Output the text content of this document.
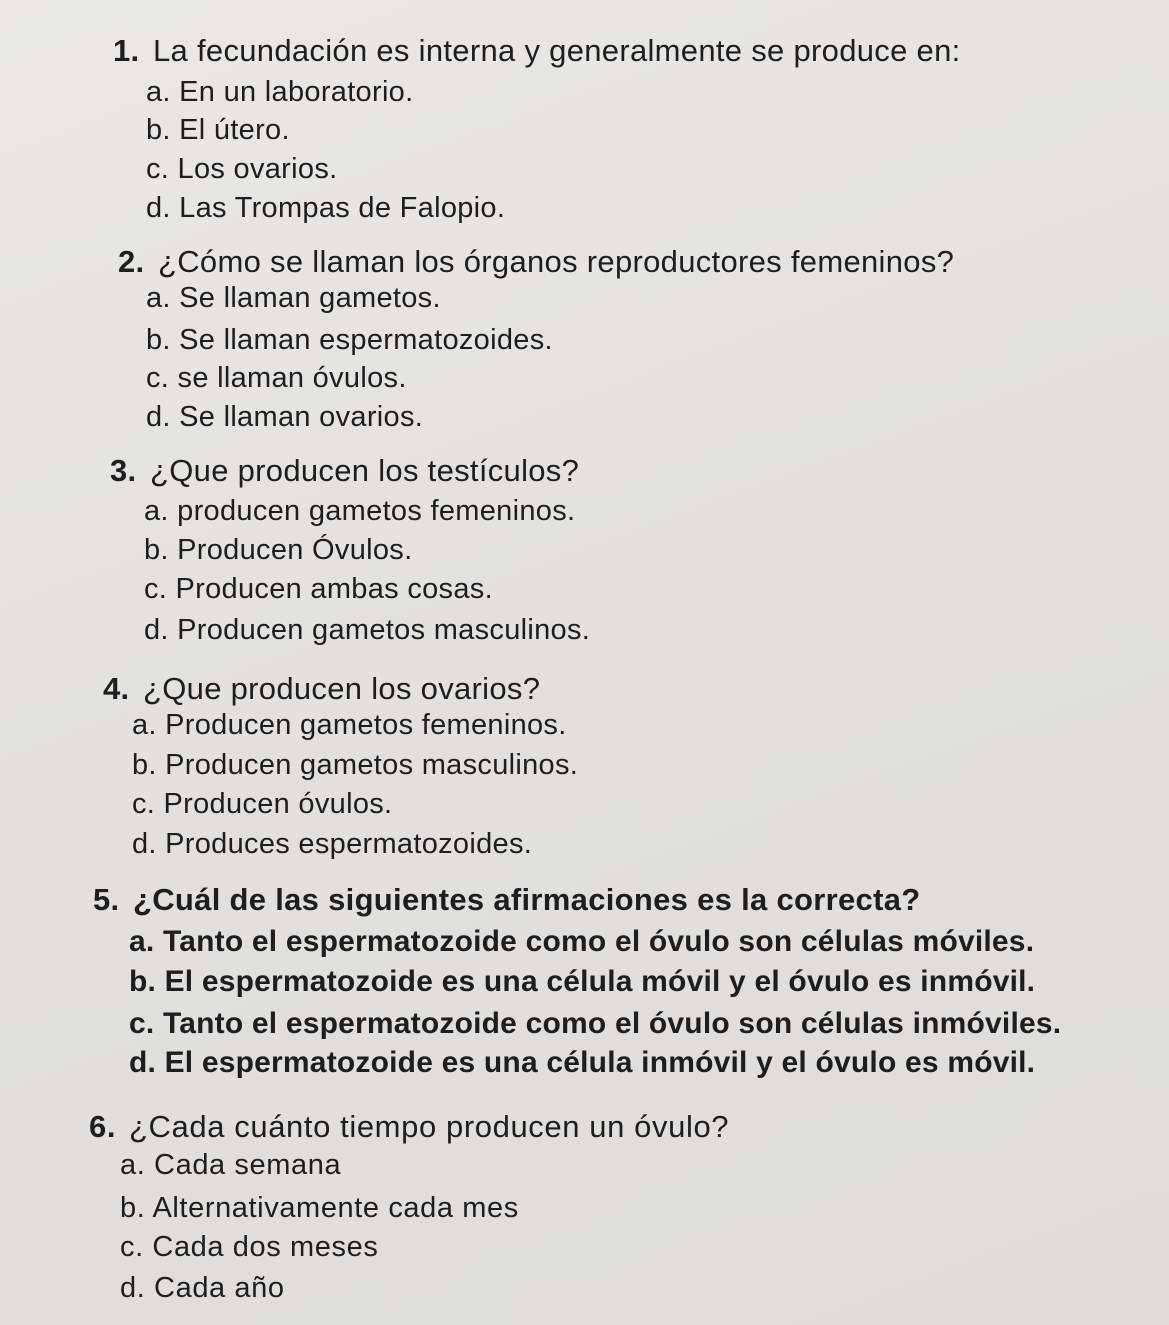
1. La fecundación es interna y generalmente se produce en:
a. En un laboratorio.
b. El útero.
c. Los ovarios.
d. Las Trompas de Falopio.
2. ¿Cómo se llaman los órganos reproductores femeninos?
a. Se llaman gametos.
b. Se llaman espermatozoides.
c. se llaman óvulos.
d. Se llaman ovarios.
3. ¿Que producen los testículos?
a. producen gametos femeninos.
b. Producen Óvulos.
c. Producen ambas cosas.
d. Producen gametos masculinos.
4. ¿Que producen los ovarios?
a. Producen gametos femeninos.
b. Producen gametos masculinos.
c. Producen óvulos.
d. Produces espermatozoides.
5. ¿Cuál de las siguientes afirmaciones es la correcta?
a. Tanto el espermatozoide como el óvulo son células móviles.
b. El espermatozoide es una célula móvil y el óvulo es inmóvil.
c. Tanto el espermatozoide como el óvulo son células inmóviles.
d. El espermatozoide es una célula inmóvil y el óvulo es móvil.
6. ¿Cada cuánto tiempo producen un óvulo?
a. Cada semana
b. Alternativamente cada mes
c. Cada dos meses
d. Cada año
